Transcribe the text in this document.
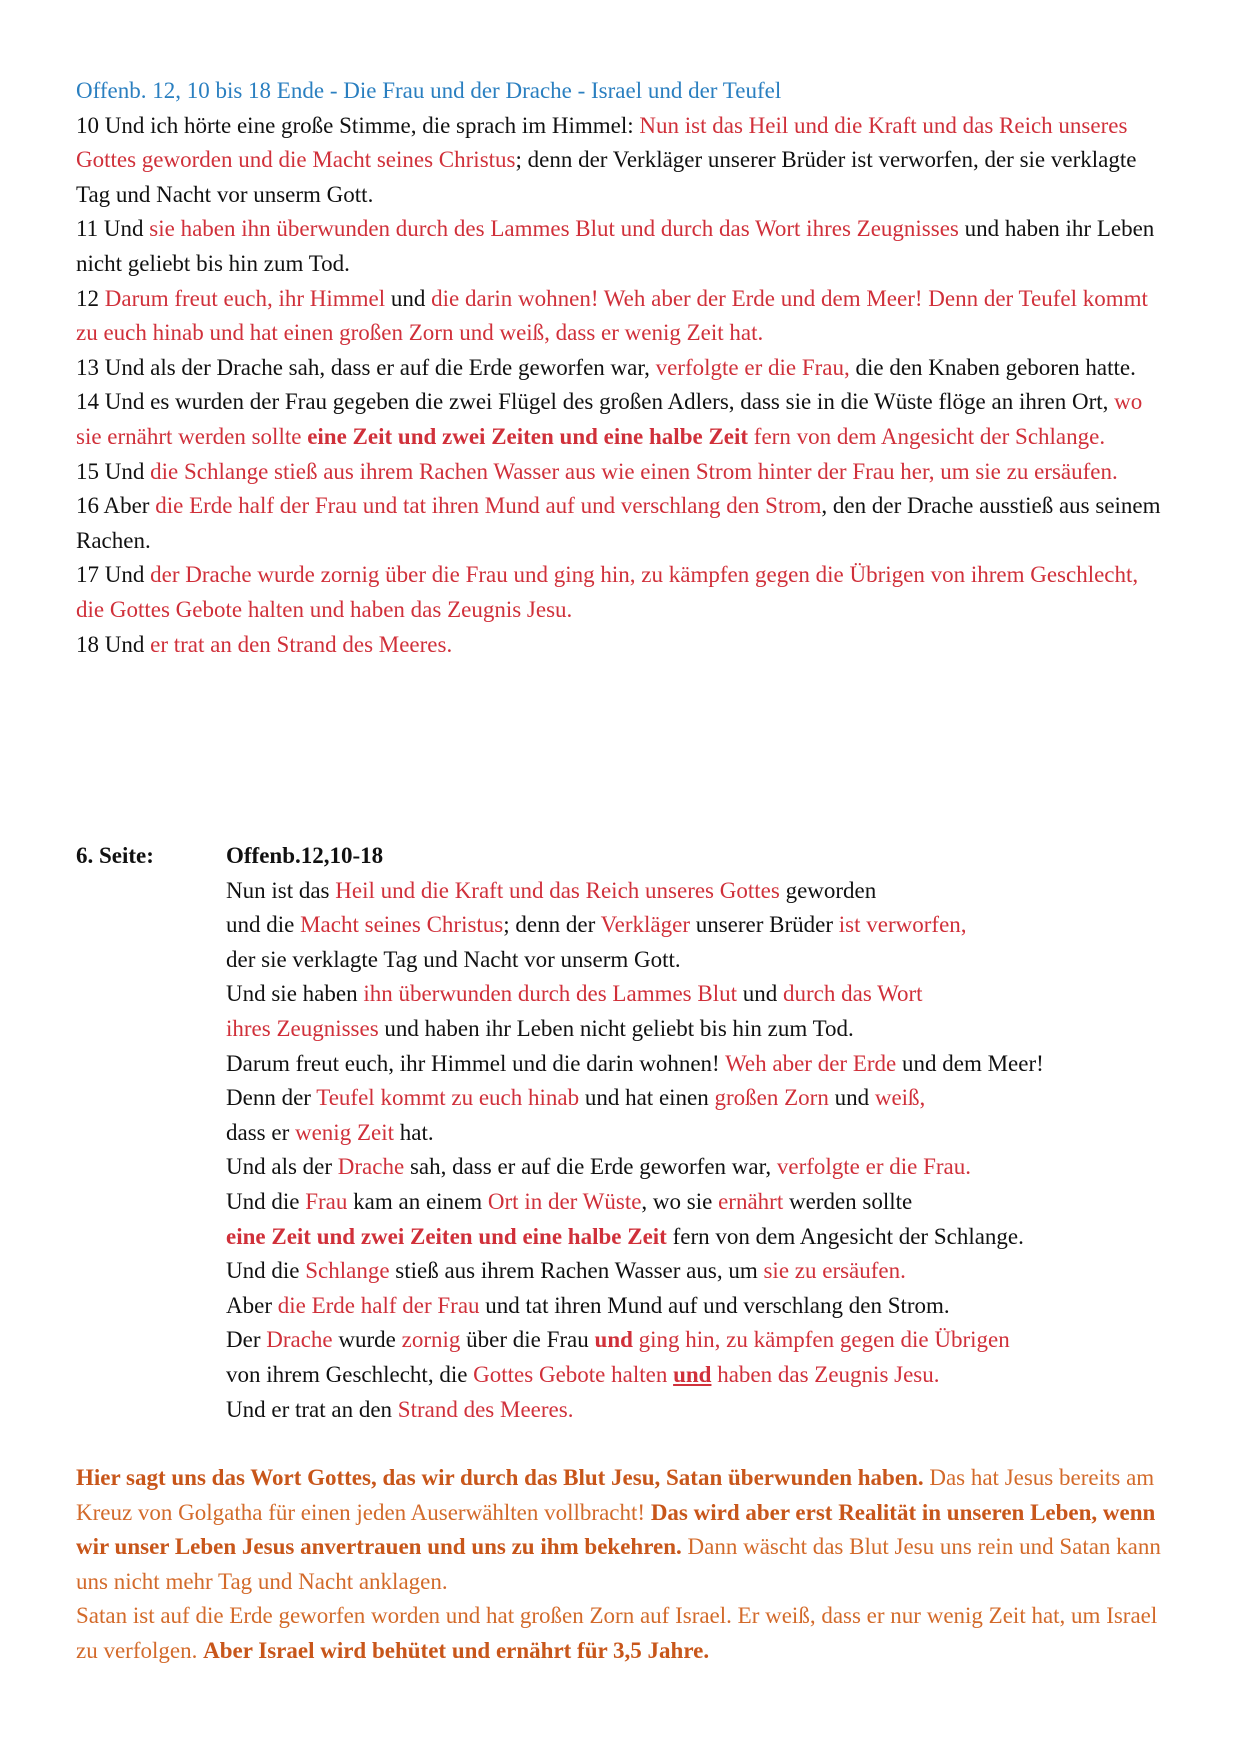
Offenb. 12, 10 bis 18 Ende - Die Frau und der Drache - Israel und der Teufel

10 Und ich hörte eine große Stimme, die sprach im Himmel: Nun ist das Heil und die Kraft und das Reich unseres Gottes geworden und die Macht seines Christus; denn der Verkläger unserer Brüder ist verworfen, der sie verklagte Tag und Nacht vor unserm Gott.

11 Und sie haben ihn überwunden durch des Lammes Blut und durch das Wort ihres Zeugnisses und haben ihr Leben nicht geliebt bis hin zum Tod.

12 Darum freut euch, ihr Himmel und die darin wohnen! Weh aber der Erde und dem Meer! Denn der Teufel kommt zu euch hinab und hat einen großen Zorn und weiß, dass er wenig Zeit hat.

13 Und als der Drache sah, dass er auf die Erde geworfen war, verfolgte er die Frau, die den Knaben geboren hatte.

14 Und es wurden der Frau gegeben die zwei Flügel des großen Adlers, dass sie in die Wüste flöge an ihren Ort, wo sie ernährt werden sollte eine Zeit und zwei Zeiten und eine halbe Zeit fern von dem Angesicht der Schlange.

15 Und die Schlange stieß aus ihrem Rachen Wasser aus wie einen Strom hinter der Frau her, um sie zu ersäufen.

16 Aber die Erde half der Frau und tat ihren Mund auf und verschlang den Strom, den der Drache ausstieß aus seinem Rachen.

17 Und der Drache wurde zornig über die Frau und ging hin, zu kämpfen gegen die Übrigen von ihrem Geschlecht, die Gottes Gebote halten und haben das Zeugnis Jesu.

18 Und er trat an den Strand des Meeres.

6. Seite:	Offenb.12,10-18
Nun ist das Heil und die Kraft und das Reich unseres Gottes geworden
und die Macht seines Christus; denn der Verkläger unserer Brüder ist verworfen,
der sie verklagte Tag und Nacht vor unserm Gott.
Und sie haben ihn überwunden durch des Lammes Blut und durch das Wort
ihres Zeugnisses und haben ihr Leben nicht geliebt bis hin zum Tod.
Darum freut euch, ihr Himmel und die darin wohnen! Weh aber der Erde und dem Meer!
Denn der Teufel kommt zu euch hinab und hat einen großen Zorn und weiß,
dass er wenig Zeit hat.
Und als der Drache sah, dass er auf die Erde geworfen war, verfolgte er die Frau.
Und die Frau kam an einem Ort in der Wüste, wo sie ernährt werden sollte
eine Zeit und zwei Zeiten und eine halbe Zeit fern von dem Angesicht der Schlange.
Und die Schlange stieß aus ihrem Rachen Wasser aus, um sie zu ersäufen.
Aber die Erde half der Frau und tat ihren Mund auf und verschlang den Strom.
Der Drache wurde zornig über die Frau und ging hin, zu kämpfen gegen die Übrigen
von ihrem Geschlecht, die Gottes Gebote halten und haben das Zeugnis Jesu.
Und er trat an den Strand des Meeres.
Hier sagt uns das Wort Gottes, das wir durch das Blut Jesu, Satan überwunden haben. Das hat Jesus bereits am Kreuz von Golgatha für einen jeden Auserwählten vollbracht! Das wird aber erst Realität in unseren Leben, wenn wir unser Leben Jesus anvertrauen und uns zu ihm bekehren. Dann wäscht das Blut Jesu uns rein und Satan kann uns nicht mehr Tag und Nacht anklagen.
Satan ist auf die Erde geworfen worden und hat großen Zorn auf Israel. Er weiß, dass er nur wenig Zeit hat, um Israel zu verfolgen. Aber Israel wird behütet und ernährt für 3,5 Jahre.
